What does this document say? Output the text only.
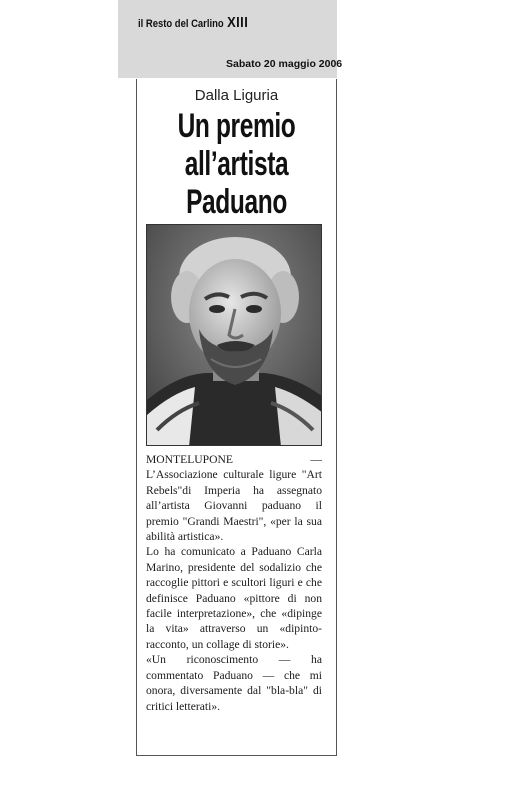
il Resto del Carlino XIII
Sabato 20 maggio 2006

Dalla Liguria

Un premio
all’artista
Paduano

MONTELUPONE — L’Associazione culturale ligure "Art Rebels"di Imperia ha assegnato all’artista Giovanni paduano il premio "Grandi Maestri", «per la sua abilità artistica».

Lo ha comunicato a Paduano Carla Marino, presidente del sodalizio che raccoglie pittori e scultori liguri e che definisce Paduano «pittore di non facile interpretazione», che «dipinge la vita» attraverso un «dipinto-racconto, un collage di storie».

«Un riconoscimento — ha commentato Paduano — che mi onora, diversamente dal "bla-bla" di critici letterati».
